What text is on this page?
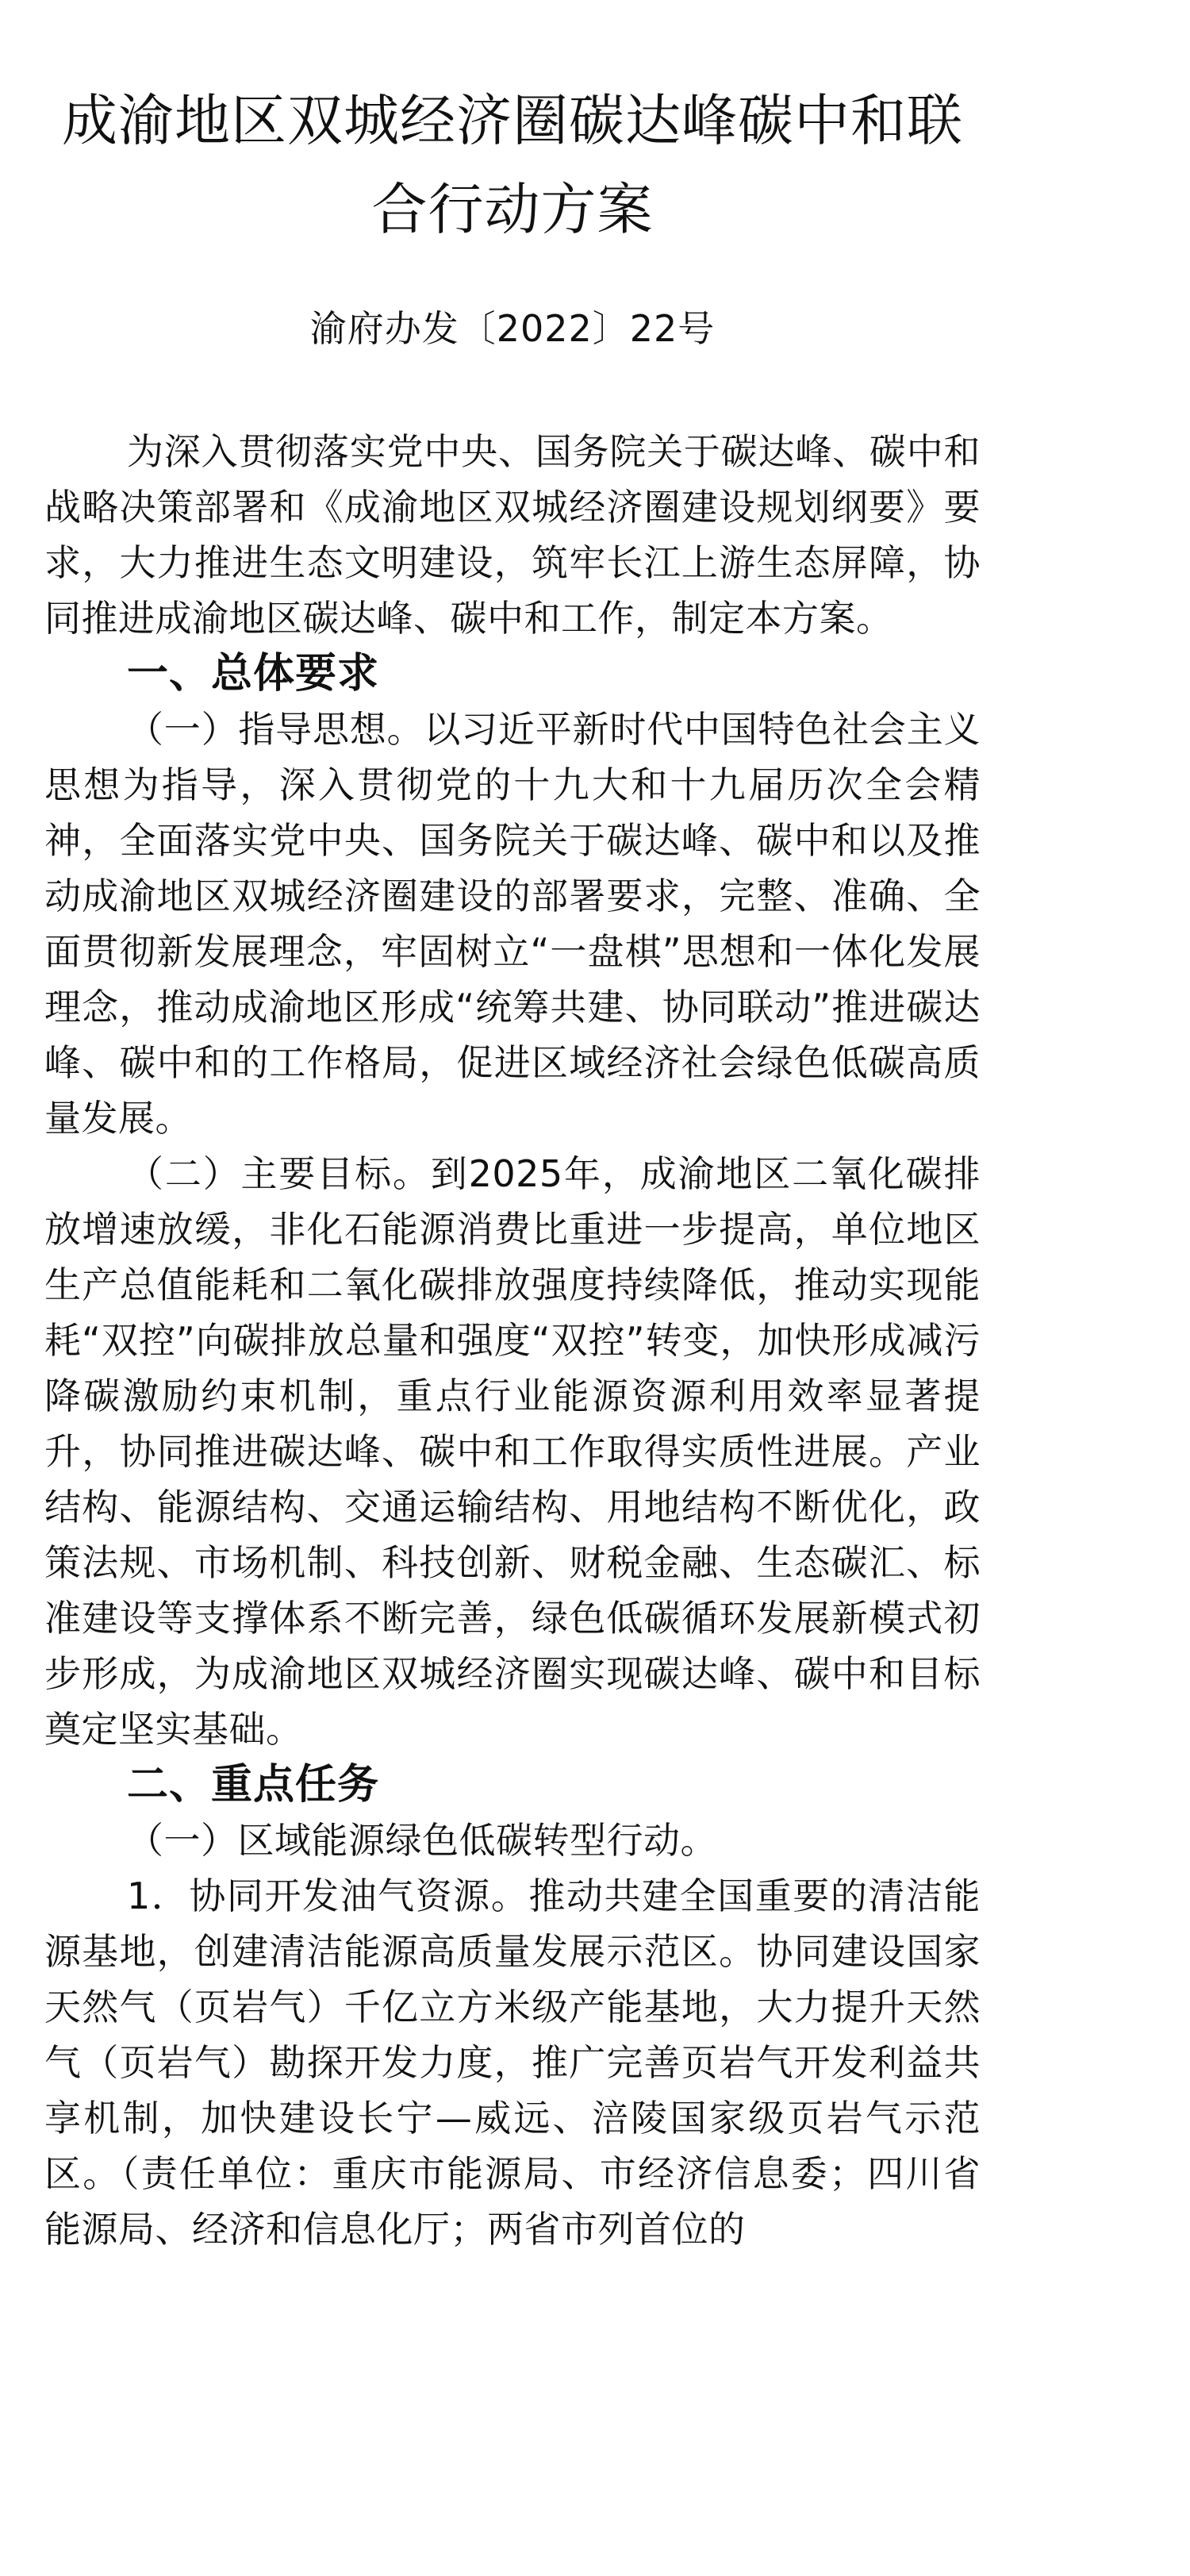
成渝地区双城经济圈碳达峰碳中和联合行动方案
渝府办发〔2022〕22号

为深入贯彻落实党中央、国务院关于碳达峰、碳中和战略决策部署和《成渝地区双城经济圈建设规划纲要》要求，大力推进生态文明建设，筑牢长江上游生态屏障，协同推进成渝地区碳达峰、碳中和工作，制定本方案。

一、总体要求

（一）指导思想。以习近平新时代中国特色社会主义思想为指导，深入贯彻党的十九大和十九届历次全会精神，全面落实党中央、国务院关于碳达峰、碳中和以及推动成渝地区双城经济圈建设的部署要求，完整、准确、全面贯彻新发展理念，牢固树立“一盘棋”思想和一体化发展理念，推动成渝地区形成“统筹共建、协同联动”推进碳达峰、碳中和的工作格局，促进区域经济社会绿色低碳高质量发展。

（二）主要目标。到2025年，成渝地区二氧化碳排放增速放缓，非化石能源消费比重进一步提高，单位地区生产总值能耗和二氧化碳排放强度持续降低，推动实现能耗“双控”向碳排放总量和强度“双控”转变，加快形成减污降碳激励约束机制，重点行业能源资源利用效率显著提升，协同推进碳达峰、碳中和工作取得实质性进展。产业结构、能源结构、交通运输结构、用地结构不断优化，政策法规、市场机制、科技创新、财税金融、生态碳汇、标准建设等支撑体系不断完善，绿色低碳循环发展新模式初步形成，为成渝地区双城经济圈实现碳达峰、碳中和目标奠定坚实基础。

二、重点任务

（一）区域能源绿色低碳转型行动。

1．协同开发油气资源。推动共建全国重要的清洁能源基地，创建清洁能源高质量发展示范区。协同建设国家天然气（页岩气）千亿立方米级产能基地，大力提升天然气（页岩气）勘探开发力度，推广完善页岩气开发利益共享机制，加快建设长宁—威远、涪陵国家级页岩气示范区。（责任单位：重庆市能源局、市经济信息委；四川省能源局、经济和信息化厅；两省市列首位的
